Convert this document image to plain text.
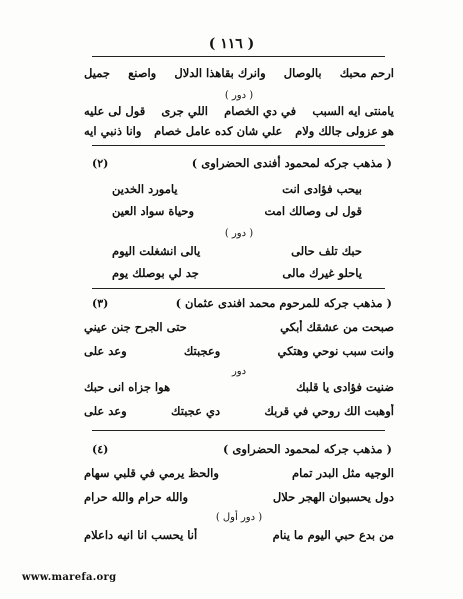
( ١١٦ )
ارحم محبك
بالوصال
وانرك بقاهذا الدلال
واصنع
جميل
( دور )
يامنتى ايه السبب
في دي الخصام
اللي جرى
قول لى عليه
هو عزولى جالك ولام
علي شان كده عامل خصام
وانا ذنبي ايه
( مذهب جركه لمحمود أفندى الحضراوى )
(٢)
بيحب فؤادى انت
يامورد الخدين
قول لى وصالك امت
وحياة سواد العين
( دور )
حبك تلف حالى
يالى انشغلت اليوم
ياحلو غيرك مالى
جد لي بوصلك يوم
( مذهب جركه للمرحوم محمد افندى عثمان )
(٣)
صبحت من عشقك أبكي
حتى الجرح جنن عيني
وانت سبب نوحي وهتكي
وعجبتك
وعد على
دور
ضنيت فؤادى يا قلبك
هوا جزاه انى حبك
أوهبت الك روحي في قربك
دي عجبتك
وعد على
( مذهب جركه لمحمود الحضراوى )
(٤)
الوجيه مثل البدر تمام
والحظ يرمي في قلبي سهام
دول يحسبوان الهجر حلال
والله حرام والله حرام
( دور أول )
من بدع حبي اليوم ما ينام
أنا يحسب انا انيه داعلام
www.marefa.org
